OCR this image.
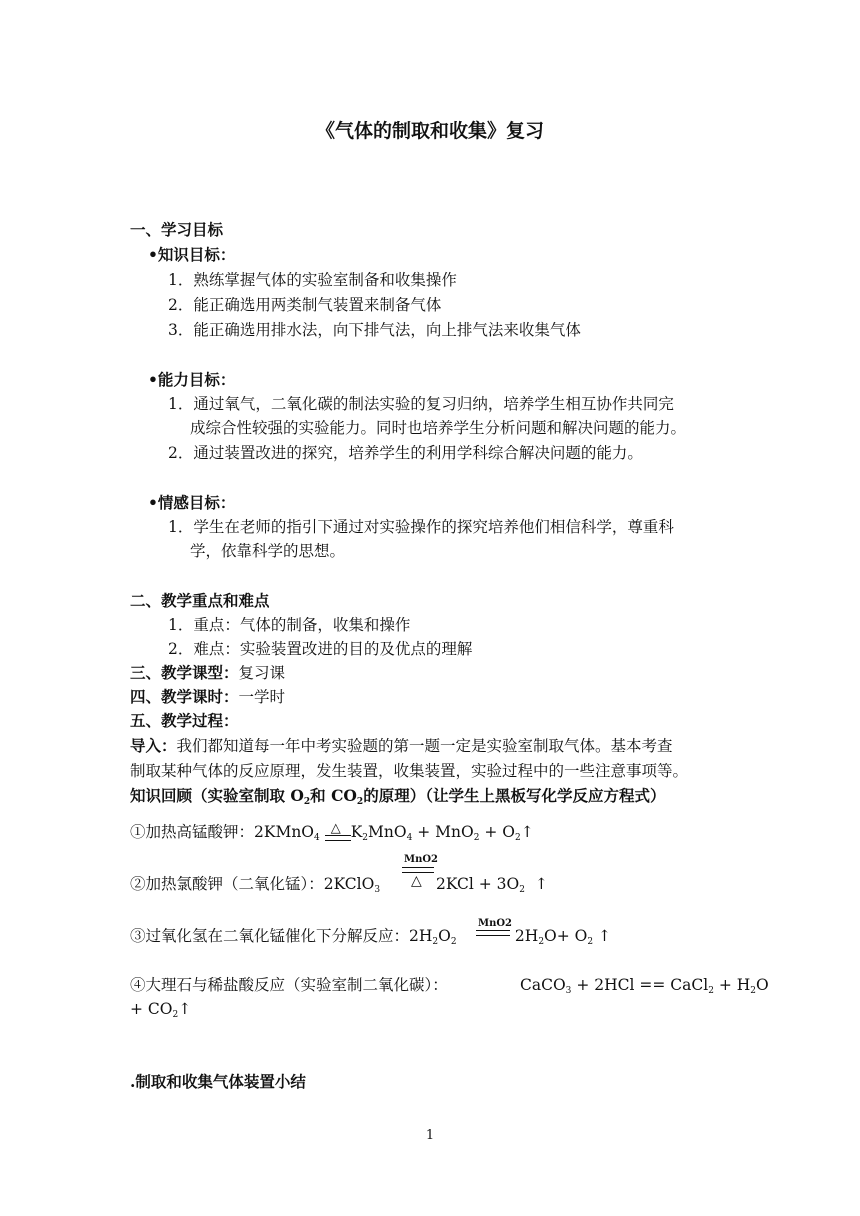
《气体的制取和收集》复习
一、学习目标
•知识目标：
1．熟练掌握气体的实验室制备和收集操作
2．能正确选用两类制气装置来制备气体
3．能正确选用排水法，向下排气法，向上排气法来收集气体
•能力目标：
1．通过氧气，二氧化碳的制法实验的复习归纳，培养学生相互协作共同完
成综合性较强的实验能力。同时也培养学生分析问题和解决问题的能力。
2．通过装置改进的探究，培养学生的利用学科综合解决问题的能力。
•情感目标：
1．学生在老师的指引下通过对实验操作的探究培养他们相信科学，尊重科
学，依靠科学的思想。
二、教学重点和难点
1．重点：气体的制备，收集和操作
2．难点：实验装置改进的目的及优点的理解
三、教学课型：复习课
四、教学课时：一学时
五、教学过程：
导入：我们都知道每一年中考实验题的第一题一定是实验室制取气体。基本考查
制取某种气体的反应原理，发生装置，收集装置，实验过程中的一些注意事项等。
知识回顾（实验室制取 $O_2$和 $CO_2$的原理）（让学生上黑板写化学反应方程式）
①加热高锰酸钾：2KMnO$_4$
△ $K_2MnO_4 + MnO_2$ + $O_2↑$
MnO2
△
②加热氯酸钾（二氧化锰）：2KClO$_3$	$2KCl + 3O_2$  ↑
MnO2
③过氧化氢在二氧化锰催化下分解反应：$2H_2O_2$	$2H_2O+ O_2$ ↑
④大理石与稀盐酸反应（实验室制二氧化碳）：	CaCO$_3$ + 2HCl == CaCl$_2$ + $H_2O$
+ $CO_2↑$
.制取和收集气体装置小结
1
